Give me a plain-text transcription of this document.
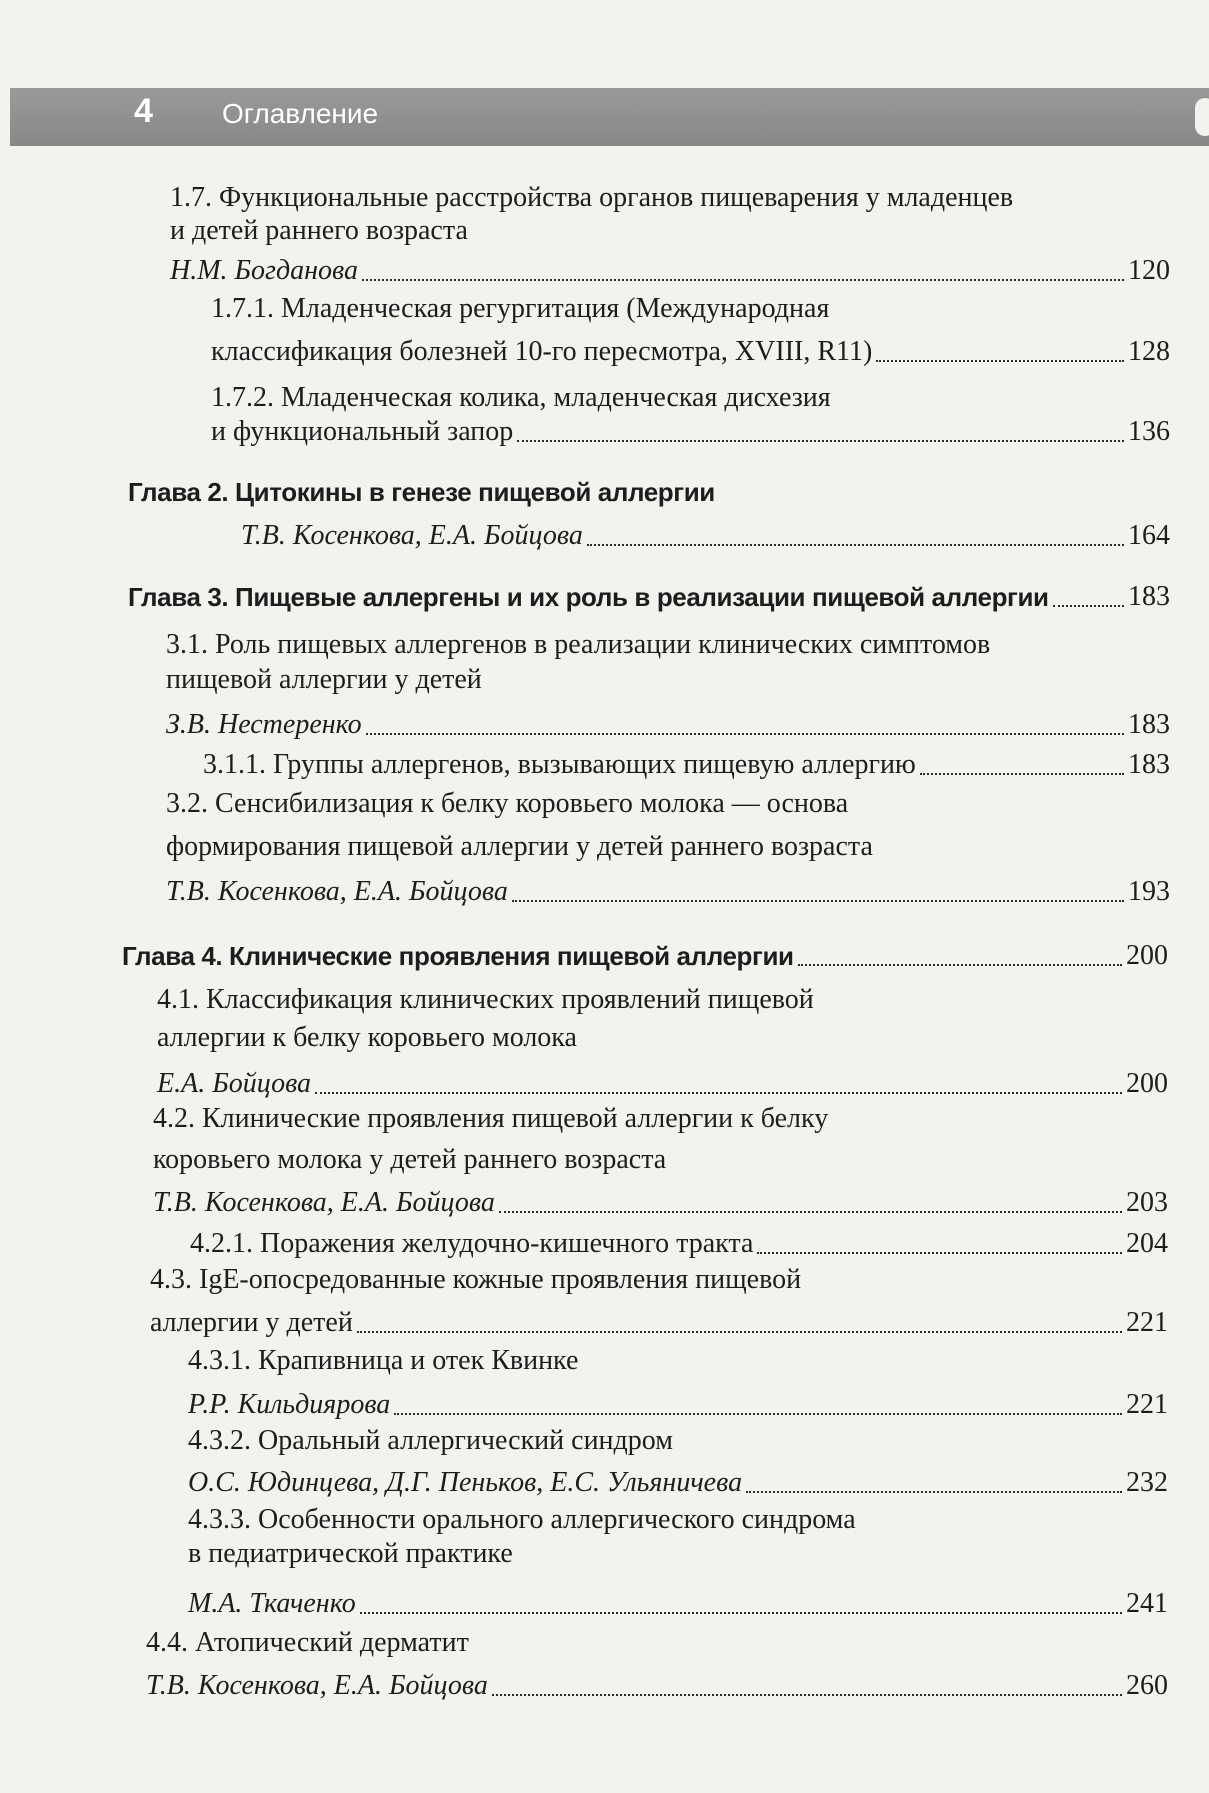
4 Оглавление
1.7. Функциональные расстройства органов пищеварения у младенцев
и детей раннего возраста
Н.М. Богданова	120
1.7.1. Младенческая регургитация (Международная
классификация болезней 10-го пересмотра, XVIII, R11)	128
1.7.2. Младенческая колика, младенческая дисхезия
и функциональный запор	136
Глава 2. Цитокины в генезе пищевой аллергии
Т.В. Косенкова, Е.А. Бойцова	164
Глава 3. Пищевые аллергены и их роль в реализации пищевой аллергии	183
3.1. Роль пищевых аллергенов в реализации клинических симптомов
пищевой аллергии у детей
З.В. Нестеренко	183
3.1.1. Группы аллергенов, вызывающих пищевую аллергию	183
3.2. Сенсибилизация к белку коровьего молока — основа
формирования пищевой аллергии у детей раннего возраста
Т.В. Косенкова, Е.А. Бойцова	193
Глава 4. Клинические проявления пищевой аллергии	200
4.1. Классификация клинических проявлений пищевой
аллергии к белку коровьего молока
Е.А. Бойцова	200
4.2. Клинические проявления пищевой аллергии к белку
коровьего молока у детей раннего возраста
Т.В. Косенкова, Е.А. Бойцова	203
4.2.1. Поражения желудочно-кишечного тракта	204
4.3. IgE-опосредованные кожные проявления пищевой
аллергии у детей	221
4.3.1. Крапивница и отек Квинке
Р.Р. Кильдиярова	221
4.3.2. Оральный аллергический синдром
О.С. Юдинцева, Д.Г. Пеньков, Е.С. Ульяничева	232
4.3.3. Особенности орального аллергического синдрома
в педиатрической практике
М.А. Ткаченко	241
4.4. Атопический дерматит
Т.В. Косенкова, Е.А. Бойцова	260
